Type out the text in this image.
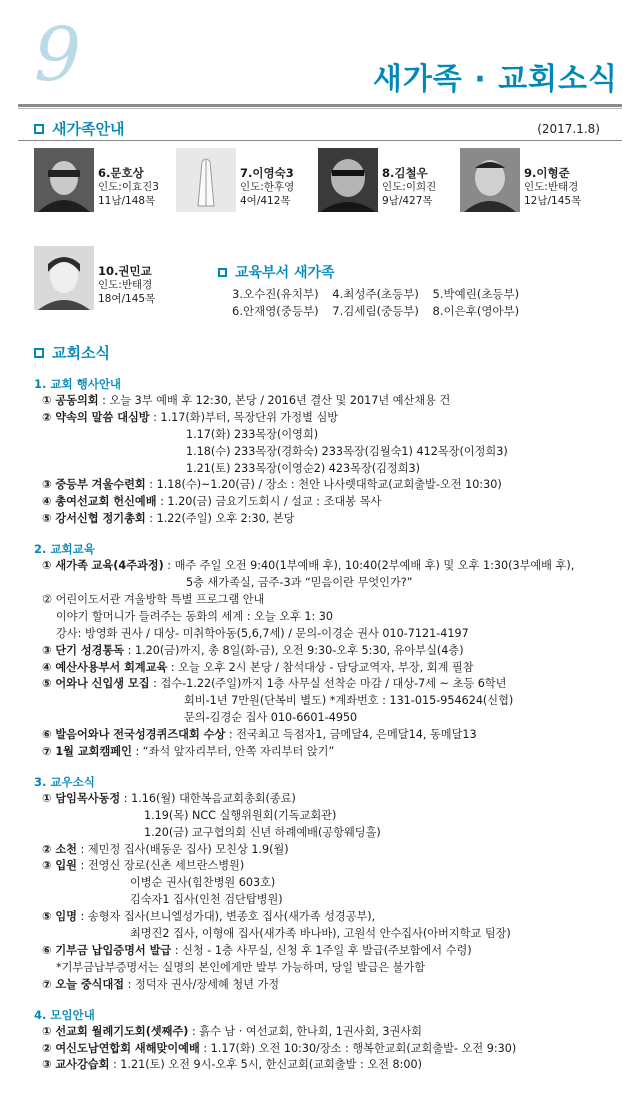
9	새가족 · 교회소식
새가족안내	(2017.1.8)
6.문호상
인도:이효진3
11남/148목
7.이영숙3
인도:한후영
4여/412목
8.김철우
인도:이희진
9남/427목
9.이형준
인도:반태경
12남/145목
10.권민교
인도:반태경
18여/145목
교육부서 새가족
3.오수진(유치부) 4.최성주(초등부) 5.박예린(초등부)
6.안재영(중등부) 7.김세림(중등부) 8.이은후(영아부)
교회소식
1. 교회 행사안내
① 공동의회 : 오늘 3부 예배 후 12:30, 본당 / 2016년 결산 및 2017년 예산채용 건
② 약속의 말씀 대심방 : 1.17(화)부터, 목장단위 가정별 심방
1.17(화) 233목장(이영희)
1.18(수) 233목장(경화숙) 233목장(김월숙1) 412목장(이정희3)
1.21(토) 233목장(이영순2) 423목장(김정희3)
③ 중등부 겨울수련회 : 1.18(수)~1.20(금) / 장소 : 천안 나사렛대학교(교회출발-오전 10:30)
④ 총여선교회 헌신예배 : 1.20(금) 금요기도회시 / 설교 : 조대봉 목사
⑤ 강서신협 정기총회 : 1.22(주일) 오후 2:30, 본당
2. 교회교육
① 새가족 교육(4주과정) : 매주 주일 오전 9:40(1부예배 후), 10:40(2부예배 후) 및 오후 1:30(3부예배 후),
5층 새가족실, 금주-3과 “믿음이란 무엇인가?”
② 어린이도서관 겨울방학 특별 프로그램 안내
이야기 할머니가 들려주는 동화의 세계 : 오늘 오후 1: 30
강사: 방영화 권사 / 대상- 미취학아동(5,6,7세) / 문의-이경순 권사 010-7121-4197
③ 단기 성경통독 : 1.20(금)까지, 총 8일(화-금), 오전 9:30-오후 5:30, 유아부실(4층)
④ 예산사용부서 회계교육 : 오늘 오후 2시 본당 / 참석대상 - 담당교역자, 부장, 회계 필참
⑤ 어와나 신입생 모집 : 접수-1.22(주일)까지 1층 사무실 선착순 마감 / 대상-7세 ~ 초등 6학년
회비-1년 7만원(단복비 별도) *계좌번호 : 131-015-954624(신협)
문의-김경순 집사 010-6601-4950
⑥ 발음어와나 전국성경퀴즈대회 수상 : 전국최고 득점자1, 금메달4, 은메달14, 동메달13
⑦ 1월 교회캠페인 : “좌석 앞자리부터, 안쪽 자리부터 앉기”
3. 교우소식
① 담임목사동정 : 1.16(월) 대한복음교회총회(종료)
1.19(목) NCC 실행위원회(기독교회관)
1.20(금) 교구협의회 신년 하례예배(공항웨딩홀)
② 소천 : 제민정 집사(배동운 집사) 모친상 1.9(월)
③ 입원 : 전영신 장로(신촌 세브란스병원)
이병순 권사(힘찬병원 603호)
김숙자1 집사(인천 검단탑병원)
⑤ 임명 : 송형자 집사(브니엘성가대), 변종호 집사(새가족 성경공부),
최명진2 집사, 이형애 집사(새가족 바나바), 고원석 안수집사(아버지학교 팀장)
⑥ 기부금 납입증명서 발급 : 신청 - 1층 사무실, 신청 후 1주일 후 발급(주보함에서 수령)
*기부금납부증명서는 실명의 본인에게만 발부 가능하며, 당일 발급은 불가함
⑦ 오늘 중식대접 : 정덕자 권사/장세혜 청년 가정
4. 모임안내
① 선교회 월례기도회(셋째주) : 흙수 남 · 여선교회, 한나회, 1권사회, 3권사회
② 여신도남연합회 새해맞이예배 : 1.17(화) 오전 10:30/장소 : 행복한교회(교회출발- 오전 9:30)
③ 교사강습회 : 1.21(토) 오전 9시-오후 5시, 한신교회(교회출발 : 오전 8:00)
